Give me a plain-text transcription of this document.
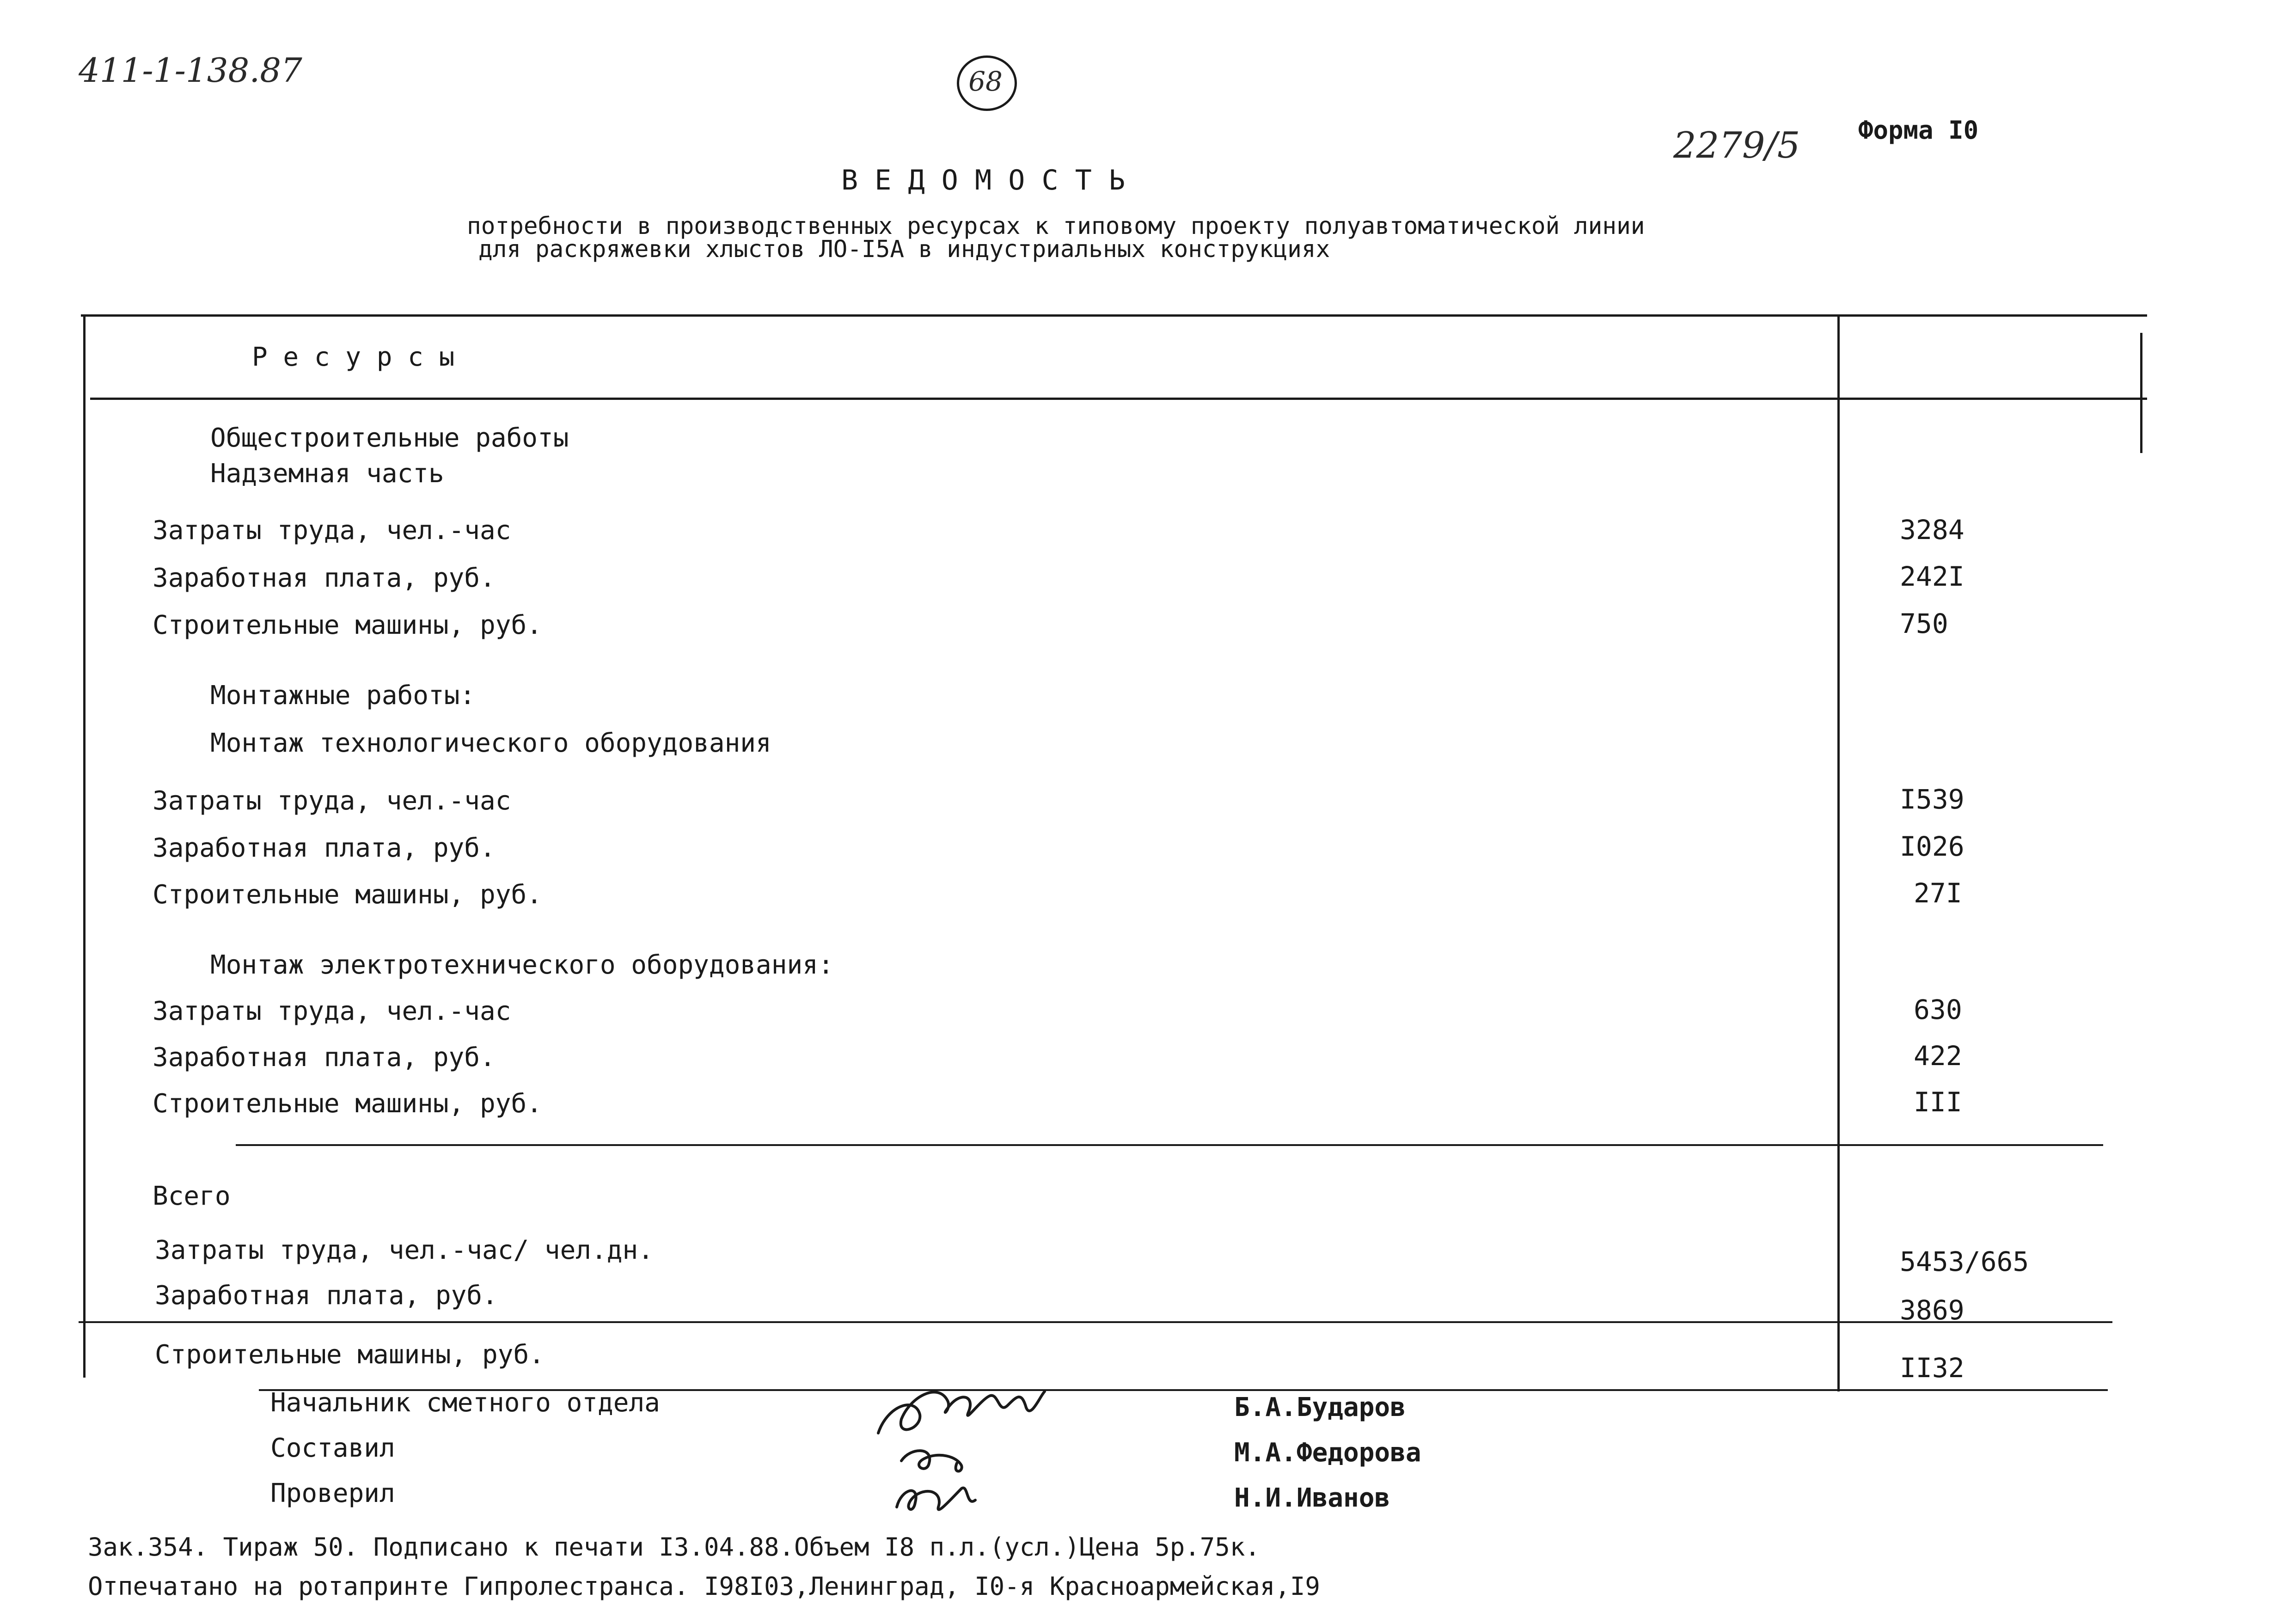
411-1-138.87	68
2279/5 Форма I0
В Е Д О М О С Т Ь
потребности в производственных ресурсах к типовому проекту полуавтоматической линии
для раскряжевки хлыстов ЛО-I5А в индустриальных конструкциях
Р е с у р с ы
Общестроительные работы
Надземная часть
Затраты труда, чел.-час	3284
Заработная плата, руб.	242I
Строительные машины, руб.	750
Монтажные работы:
Монтаж технологического оборудования
Затраты труда, чел.-час	I539
Заработная плата, руб.	I026
Строительные машины, руб.	27I
Монтаж электротехнического оборудования:
Затраты труда, чел.-час	630
Заработная плата, руб.	422
Строительные машины, руб.	III
Всего
Затраты труда, чел.-час/ чел.дн.	5453/665
Заработная плата, руб.	3869
Строительные машины, руб.	II32
Начальник сметного отдела	Б.А.Бударов
Составил	М.А.Федорова
Проверил	Н.И.Иванов
Зак.354. Тираж 50. Подписано к печати I3.04.88.Объем I8 п.л.(усл.)Цена 5р.75к.
Отпечатано на ротапринте Гипролестранса. I98I03,Ленинград, I0-я Красноармейская,I9
